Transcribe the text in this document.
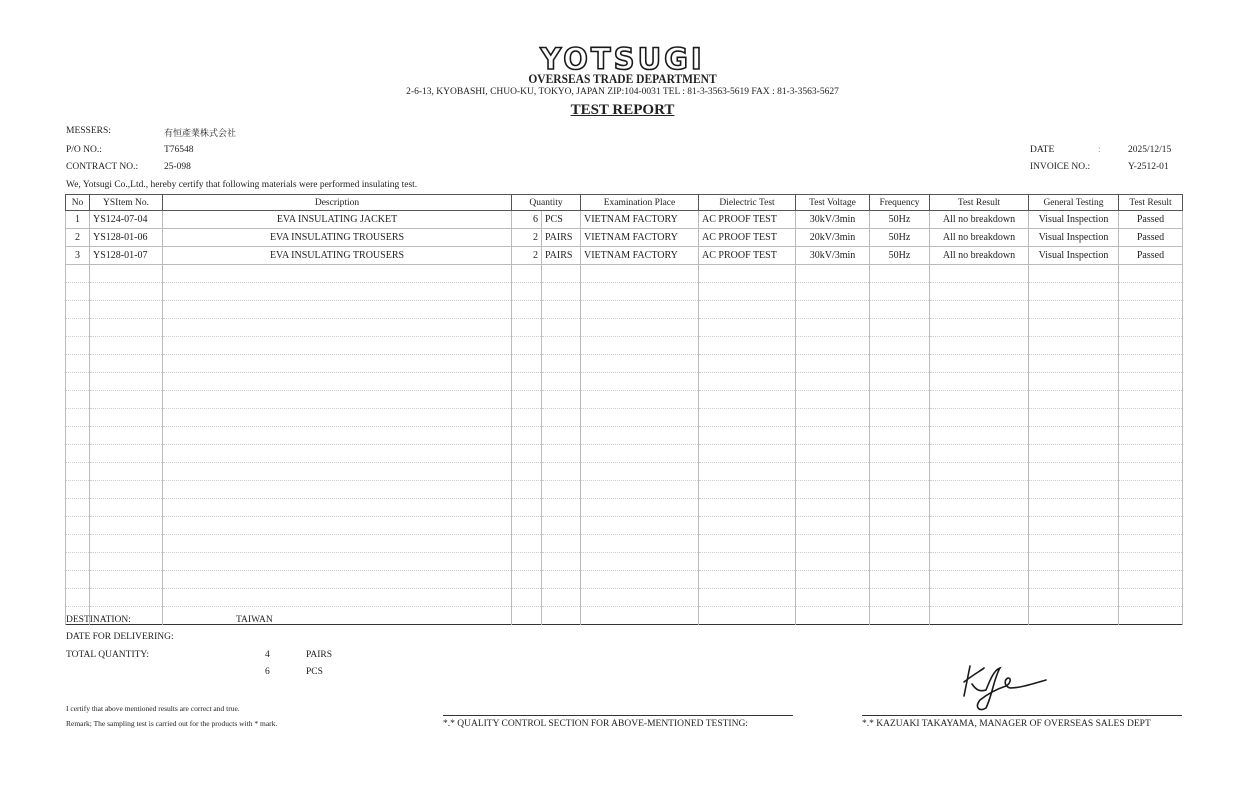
YOTSUGI
OVERSEAS TRADE DEPARTMENT
2-6-13, KYOBASHI, CHUO-KU, TOKYO, JAPAN ZIP:104-0031 TEL : 81-3-3563-5619 FAX : 81-3-3563-5627
TEST REPORT
MESSERS:	有恒產業株式会社
P/O NO.:	T76548
CONTRACT NO.:	25-098
DATE	:	2025/12/15
INVOICE NO.:	Y-2512-01
We, Yotsugi Co.,Ltd., hereby certify that following materials were performed insulating test.
No	YSItem No.	Description	Quantity		Examination Place	Dielectric Test	Test Voltage	Frequency	Test Result	General Testing	Test Result
1	YS124-07-04	EVA INSULATING JACKET	6	PCS	VIETNAM FACTORY	AC PROOF TEST	30kV/3min	50Hz	All no breakdown	Visual Inspection	Passed
2	YS128-01-06	EVA INSULATING TROUSERS	2	PAIRS	VIETNAM FACTORY	AC PROOF TEST	20kV/3min	50Hz	All no breakdown	Visual Inspection	Passed
3	YS128-01-07	EVA INSULATING TROUSERS	2	PAIRS	VIETNAM FACTORY	AC PROOF TEST	30kV/3min	50Hz	All no breakdown	Visual Inspection	Passed

DESTINATION:	TAIWAN
DATE FOR DELIVERING:
TOTAL QUANTITY:	4	PAIRS
6	PCS
I certify that above mentioned results are correct and true.
Remark; The sampling test is carried out for the products with * mark.	*.* QUALITY CONTROL SECTION FOR ABOVE-MENTIONED TESTING:	*.* KAZUAKI TAKAYAMA, MANAGER OF OVERSEAS SALES DEPT
